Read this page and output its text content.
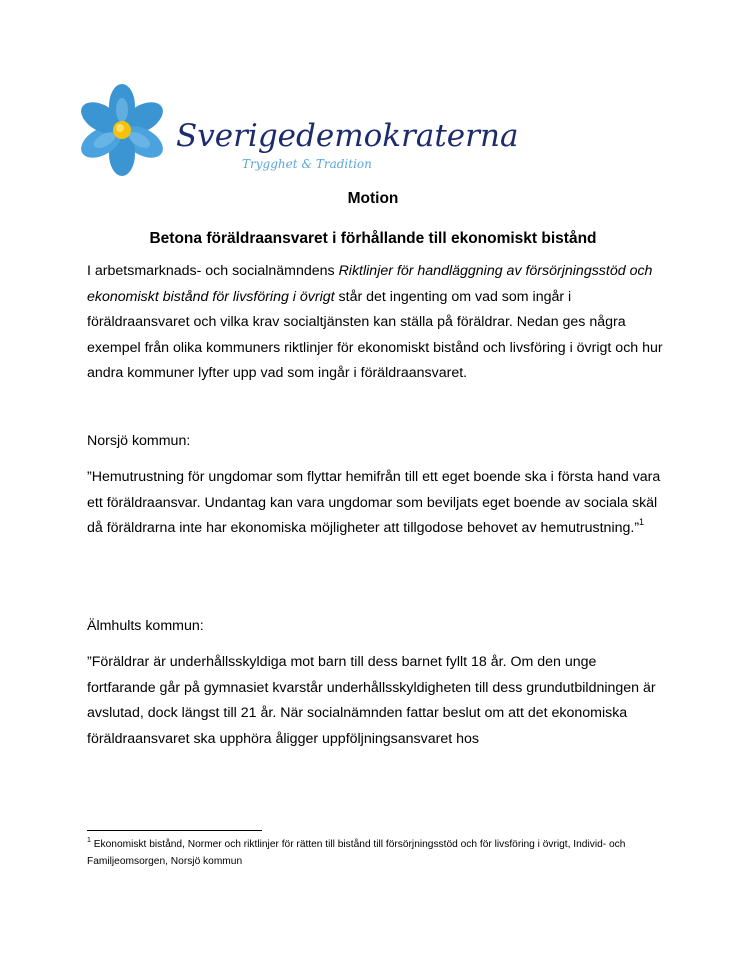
Sverigedemokraterna
Trygghet & Tradition
Motion
Betona föräldraansvaret i förhållande till ekonomiskt bistånd
I arbetsmarknads- och socialnämndens Riktlinjer för handläggning av försörjningsstöd och ekonomiskt bistånd för livsföring i övrigt står det ingenting om vad som ingår i föräldraansvaret och vilka krav socialtjänsten kan ställa på föräldrar. Nedan ges några exempel från olika kommuners riktlinjer för ekonomiskt bistånd och livsföring i övrigt och hur andra kommuner lyfter upp vad som ingår i föräldraansvaret.
Norsjö kommun:
”Hemutrustning för ungdomar som flyttar hemifrån till ett eget boende ska i första hand vara ett föräldraansvar. Undantag kan vara ungdomar som beviljats eget boende av sociala skäl då föräldrarna inte har ekonomiska möjligheter att tillgodose behovet av hemutrustning.”$^1$
Älmhults kommun:
”Föräldrar är underhållsskyldiga mot barn till dess barnet fyllt 18 år. Om den unge fortfarande går på gymnasiet kvarstår underhållsskyldigheten till dess grundutbildningen är avslutad, dock längst till 21 år. När socialnämnden fattar beslut om att det ekonomiska föräldraansvaret ska upphöra åligger uppföljningsansvaret hos
$^1$ Ekonomiskt bistånd, Normer och riktlinjer för rätten till bistånd till försörjningsstöd och för livsföring i övrigt, Individ- och Familjeomsorgen, Norsjö kommun
